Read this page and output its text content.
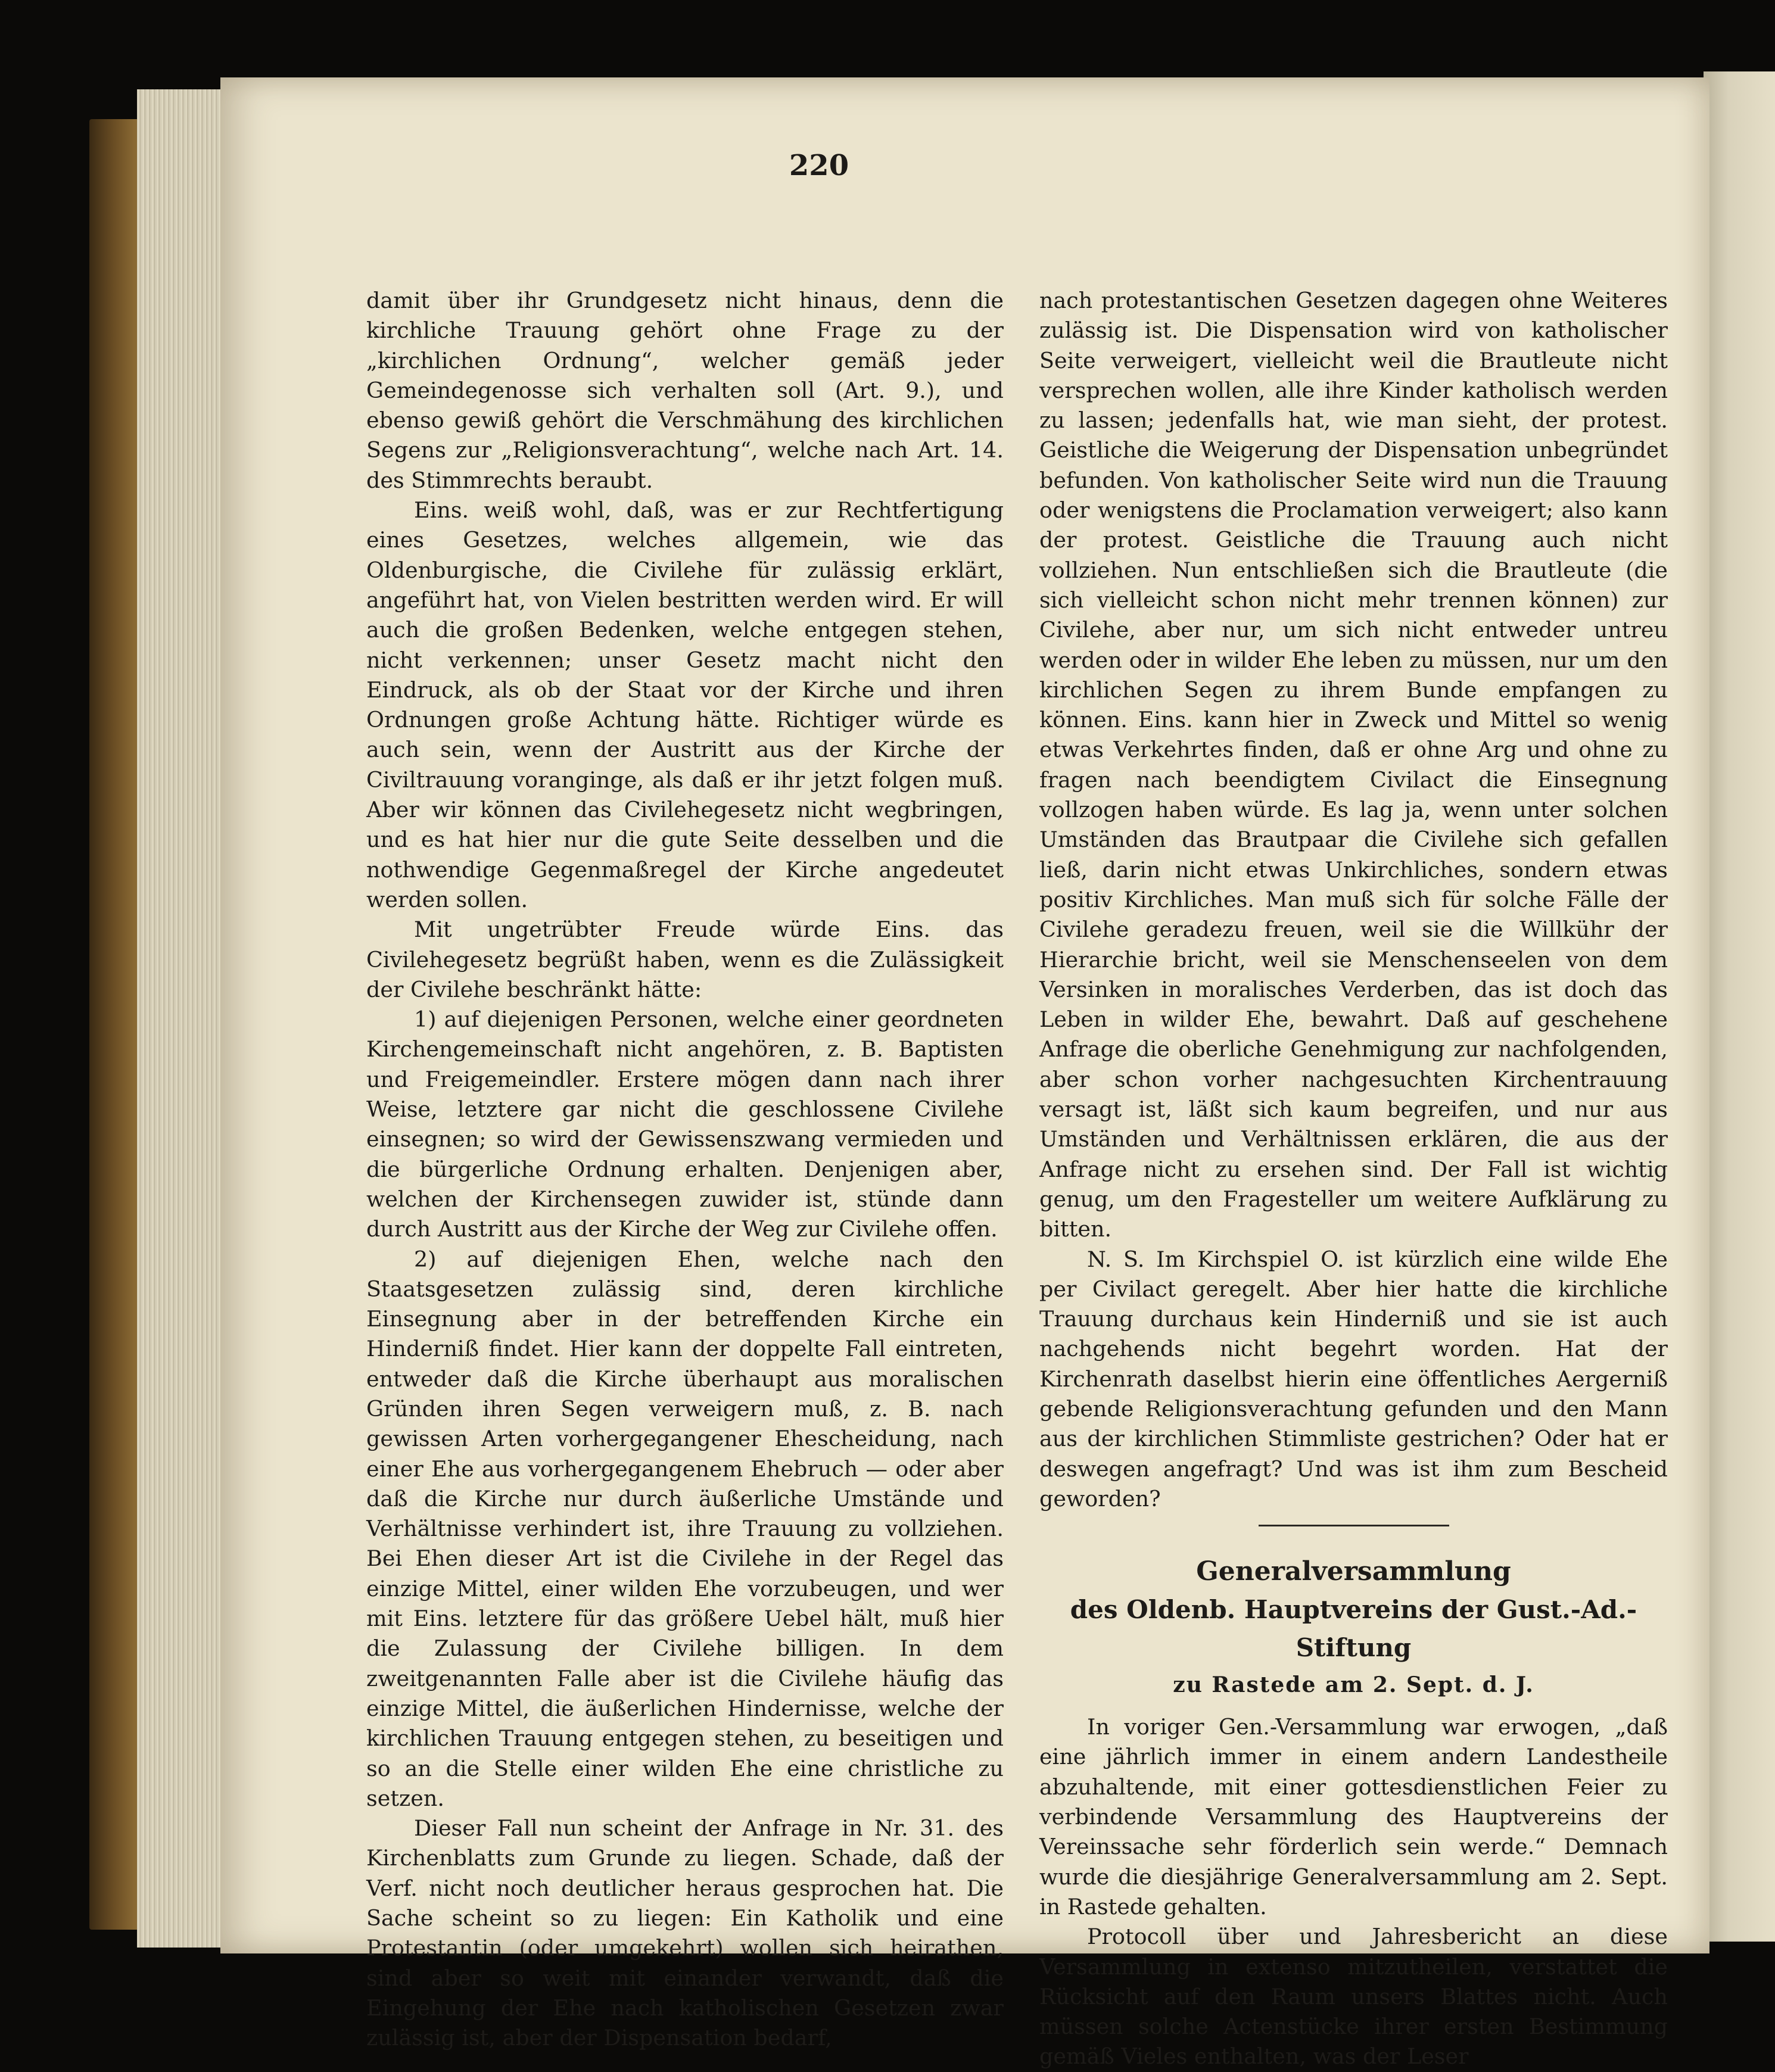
220

damit über ihr Grundgesetz nicht hinaus, denn die kirchliche Trauung gehört ohne Frage zu der „kirchlichen Ordnung“, welcher gemäß jeder Gemeindegenosse sich verhalten soll (Art. 9.), und ebenso gewiß gehört die Verschmähung des kirchlichen Segens zur „Religionsverachtung“, welche nach Art. 14. des Stimmrechts beraubt.

Eins. weiß wohl, daß, was er zur Rechtfertigung eines Gesetzes, welches allgemein, wie das Oldenburgische, die Civilehe für zulässig erklärt, angeführt hat, von Vielen bestritten werden wird. Er will auch die großen Bedenken, welche entgegen stehen, nicht verkennen; unser Gesetz macht nicht den Eindruck, als ob der Staat vor der Kirche und ihren Ordnungen große Achtung hätte. Richtiger würde es auch sein, wenn der Austritt aus der Kirche der Civiltrauung voranginge, als daß er ihr jetzt folgen muß. Aber wir können das Civilehegesetz nicht wegbringen, und es hat hier nur die gute Seite desselben und die nothwendige Gegenmaßregel der Kirche angedeutet werden sollen.

Mit ungetrübter Freude würde Eins. das Civilehegesetz begrüßt haben, wenn es die Zulässigkeit der Civilehe beschränkt hätte:

1) auf diejenigen Personen, welche einer geordneten Kirchengemeinschaft nicht angehören, z. B. Baptisten und Freigemeindler. Erstere mögen dann nach ihrer Weise, letztere gar nicht die geschlossene Civilehe einsegnen; so wird der Gewissenszwang vermieden und die bürgerliche Ordnung erhalten. Denjenigen aber, welchen der Kirchensegen zuwider ist, stünde dann durch Austritt aus der Kirche der Weg zur Civilehe offen.

2) auf diejenigen Ehen, welche nach den Staatsgesetzen zulässig sind, deren kirchliche Einsegnung aber in der betreffenden Kirche ein Hinderniß findet. Hier kann der doppelte Fall eintreten, entweder daß die Kirche überhaupt aus moralischen Gründen ihren Segen verweigern muß, z. B. nach gewissen Arten vorhergegangener Ehescheidung, nach einer Ehe aus vorhergegangenem Ehebruch — oder aber daß die Kirche nur durch äußerliche Umstände und Verhältnisse verhindert ist, ihre Trauung zu vollziehen. Bei Ehen dieser Art ist die Civilehe in der Regel das einzige Mittel, einer wilden Ehe vorzubeugen, und wer mit Eins. letztere für das größere Uebel hält, muß hier die Zulassung der Civilehe billigen. In dem zweitgenannten Falle aber ist die Civilehe häufig das einzige Mittel, die äußerlichen Hindernisse, welche der kirchlichen Trauung entgegen stehen, zu beseitigen und so an die Stelle einer wilden Ehe eine christliche zu setzen.

Dieser Fall nun scheint der Anfrage in Nr. 31. des Kirchenblatts zum Grunde zu liegen. Schade, daß der Verf. nicht noch deutlicher heraus gesprochen hat. Die Sache scheint so zu liegen: Ein Katholik und eine Protestantin (oder umgekehrt) wollen sich heirathen, sind aber so weit mit einander verwandt, daß die Eingehung der Ehe nach katholischen Gesetzen zwar zulässig ist, aber der Dispensation bedarf,

nach protestantischen Gesetzen dagegen ohne Weiteres zulässig ist. Die Dispensation wird von katholischer Seite verweigert, vielleicht weil die Brautleute nicht versprechen wollen, alle ihre Kinder katholisch werden zu lassen; jedenfalls hat, wie man sieht, der protest. Geistliche die Weigerung der Dispensation unbegründet befunden. Von katholischer Seite wird nun die Trauung oder wenigstens die Proclamation verweigert; also kann der protest. Geistliche die Trauung auch nicht vollziehen. Nun entschließen sich die Brautleute (die sich vielleicht schon nicht mehr trennen können) zur Civilehe, aber nur, um sich nicht entweder untreu werden oder in wilder Ehe leben zu müssen, nur um den kirchlichen Segen zu ihrem Bunde empfangen zu können. Eins. kann hier in Zweck und Mittel so wenig etwas Verkehrtes finden, daß er ohne Arg und ohne zu fragen nach beendigtem Civilact die Einsegnung vollzogen haben würde. Es lag ja, wenn unter solchen Umständen das Brautpaar die Civilehe sich gefallen ließ, darin nicht etwas Unkirchliches, sondern etwas positiv Kirchliches. Man muß sich für solche Fälle der Civilehe geradezu freuen, weil sie die Willkühr der Hierarchie bricht, weil sie Menschenseelen von dem Versinken in moralisches Verderben, das ist doch das Leben in wilder Ehe, bewahrt. Daß auf geschehene Anfrage die oberliche Genehmigung zur nachfolgenden, aber schon vorher nachgesuchten Kirchentrauung versagt ist, läßt sich kaum begreifen, und nur aus Umständen und Verhältnissen erklären, die aus der Anfrage nicht zu ersehen sind. Der Fall ist wichtig genug, um den Fragesteller um weitere Aufklärung zu bitten.

N. S. Im Kirchspiel O. ist kürzlich eine wilde Ehe per Civilact geregelt. Aber hier hatte die kirchliche Trauung durchaus kein Hinderniß und sie ist auch nachgehends nicht begehrt worden. Hat der Kirchenrath daselbst hierin eine öffentliches Aergerniß gebende Religionsverachtung gefunden und den Mann aus der kirchlichen Stimmliste gestrichen? Oder hat er deswegen angefragt? Und was ist ihm zum Bescheid geworden?

Generalversammlung

des Oldenb. Hauptvereins der Gust.-Ad.-Stiftung

zu Rastede am 2. Sept. d. J.

In voriger Gen.-Versammlung war erwogen, „daß eine jährlich immer in einem andern Landestheile abzuhaltende, mit einer gottesdienstlichen Feier zu verbindende Versammlung des Hauptvereins der Vereinssache sehr förderlich sein werde.“ Demnach wurde die diesjährige Generalversammlung am 2. Sept. in Rastede gehalten.

Protocoll über und Jahresbericht an diese Versammlung in extenso mitzutheilen, verstattet die Rücksicht auf den Raum unsers Blattes nicht. Auch müssen solche Actenstücke ihrer ersten Bestimmung gemäß Vieles enthalten, was der Leser
